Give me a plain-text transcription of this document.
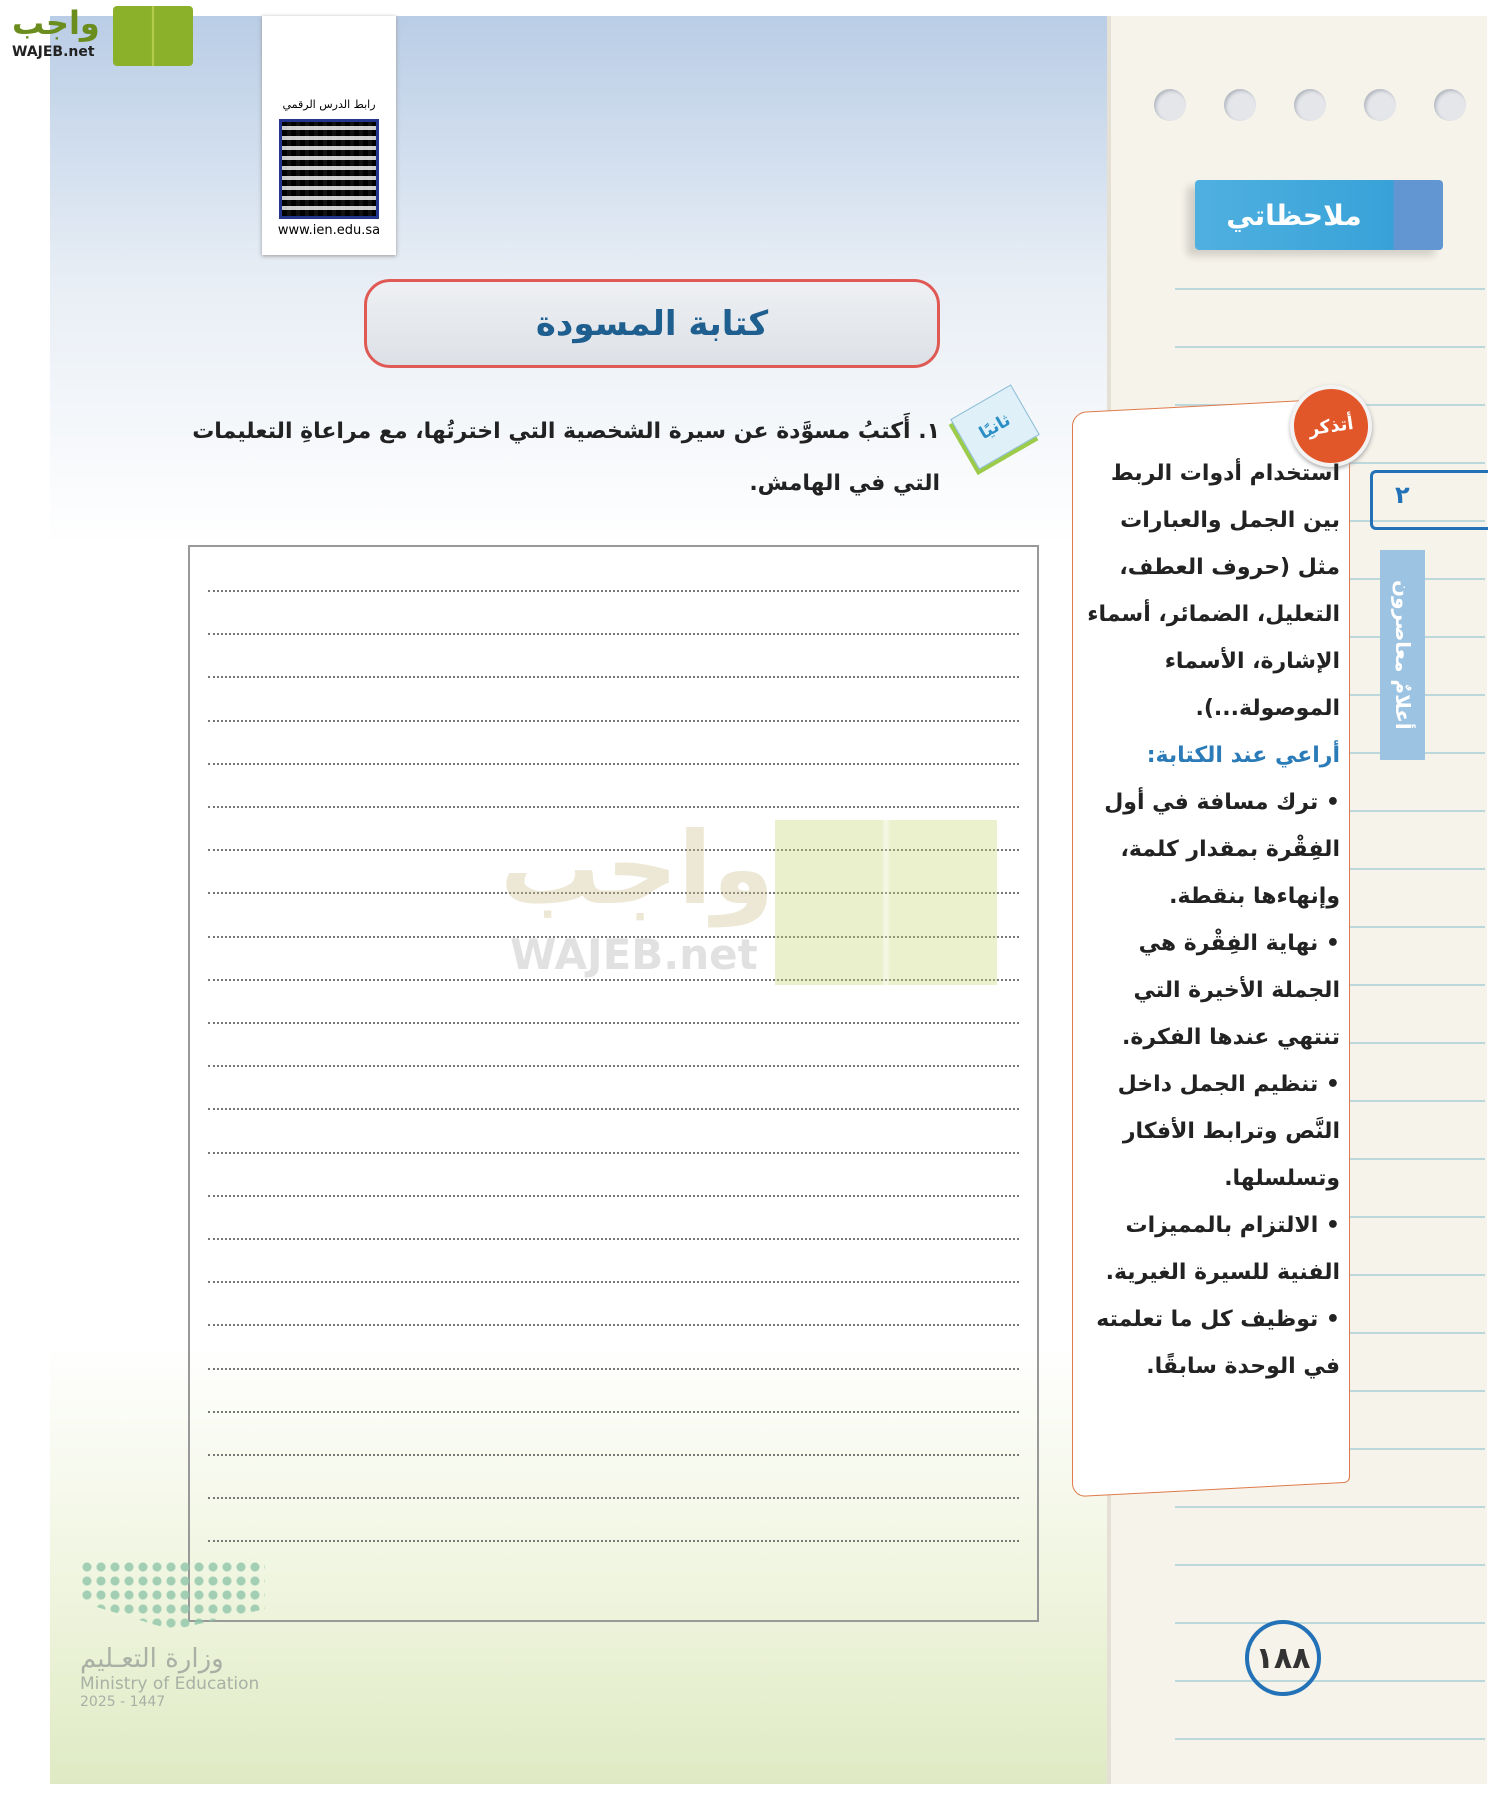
واجب
WAJEB.net
رابط الدرس الرقمي
www.ien.edu.sa
كتابة المسودة
ثانيًا
١. أَكتبُ مسوَّدة عن سيرة الشخصية التي اخترتُها، مع مراعاةِ التعليمات التي في الهامش.
واجب
WAJEB.net
ملاحظاتي
أتذكر
استخدام أدوات الربط بين الجمل والعبارات مثل (حروف العطف، التعليل، الضمائر، أسماء الإشارة، الأسماء الموصولة...).
أراعي عند الكتابة:
• ترك مسافة في أول الفِقْرة بمقدار كلمة، وإنهاءها بنقطة.
• نهاية الفِقْرة هي الجملة الأخيرة التي تنتهي عندها الفكرة.
• تنظيم الجمل داخل النَّص وترابط الأفكار وتسلسلها.
• الالتزام بالمميزات الفنية للسيرة الغيرية.
• توظيف كل ما تعلمته في الوحدة سابقًا.
٢
أعلامٌ معاصرون
١٨٨
وزارة التعـليم
Ministry of Education
2025 - 1447
